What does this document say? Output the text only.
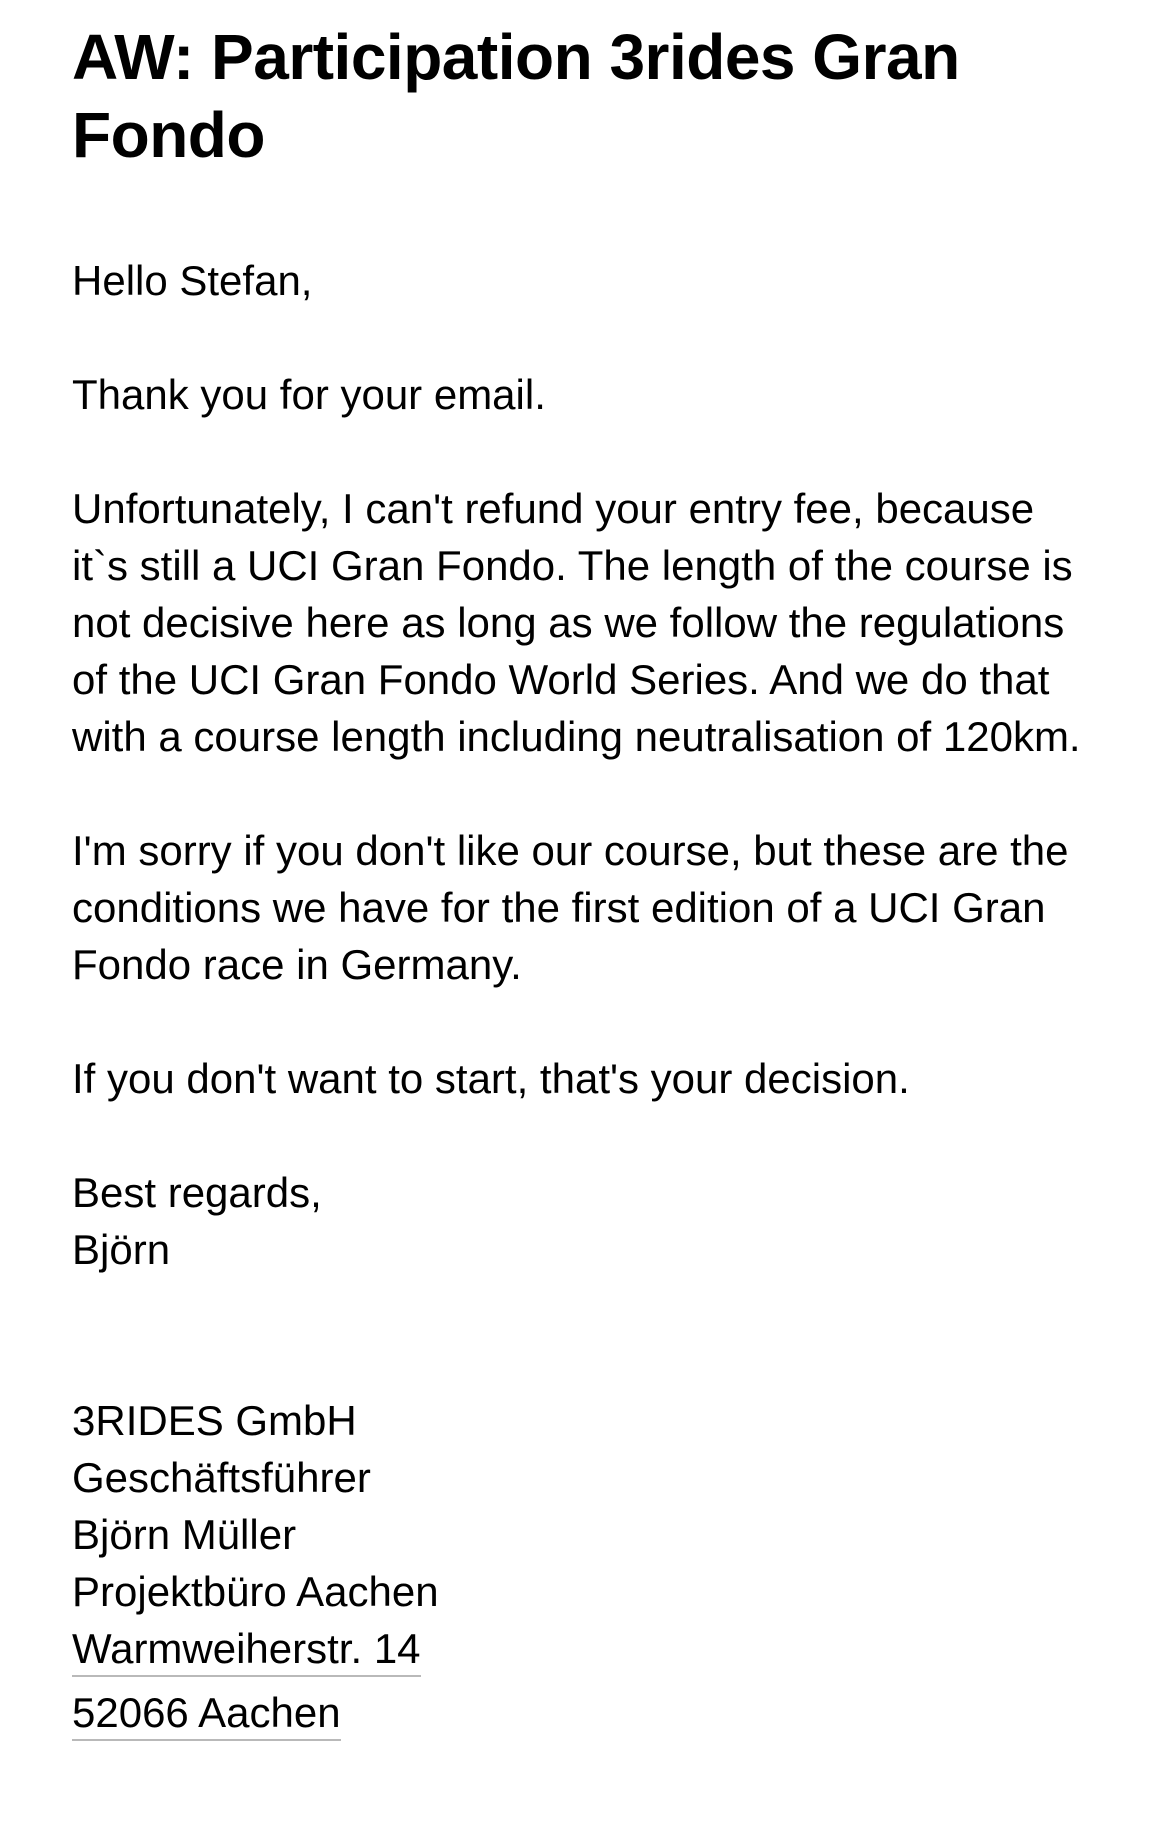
AW: Participation 3rides Gran Fondo

Hello Stefan,

Thank you for your email.

Unfortunately, I can't refund your entry fee, because it`s still a UCI Gran Fondo. The length of the course is not decisive here as long as we follow the regulations of the UCI Gran Fondo World Series. And we do that with a course length including neutralisation of 120km.

I'm sorry if you don't like our course, but these are the conditions we have for the first edition of a UCI Gran Fondo race in Germany.

If you don't want to start, that's your decision.

Best regards,

Björn

3RIDES GmbH
Geschäftsführer
Björn Müller
Projektbüro Aachen
Warmweiherstr. 14
52066 Aachen
